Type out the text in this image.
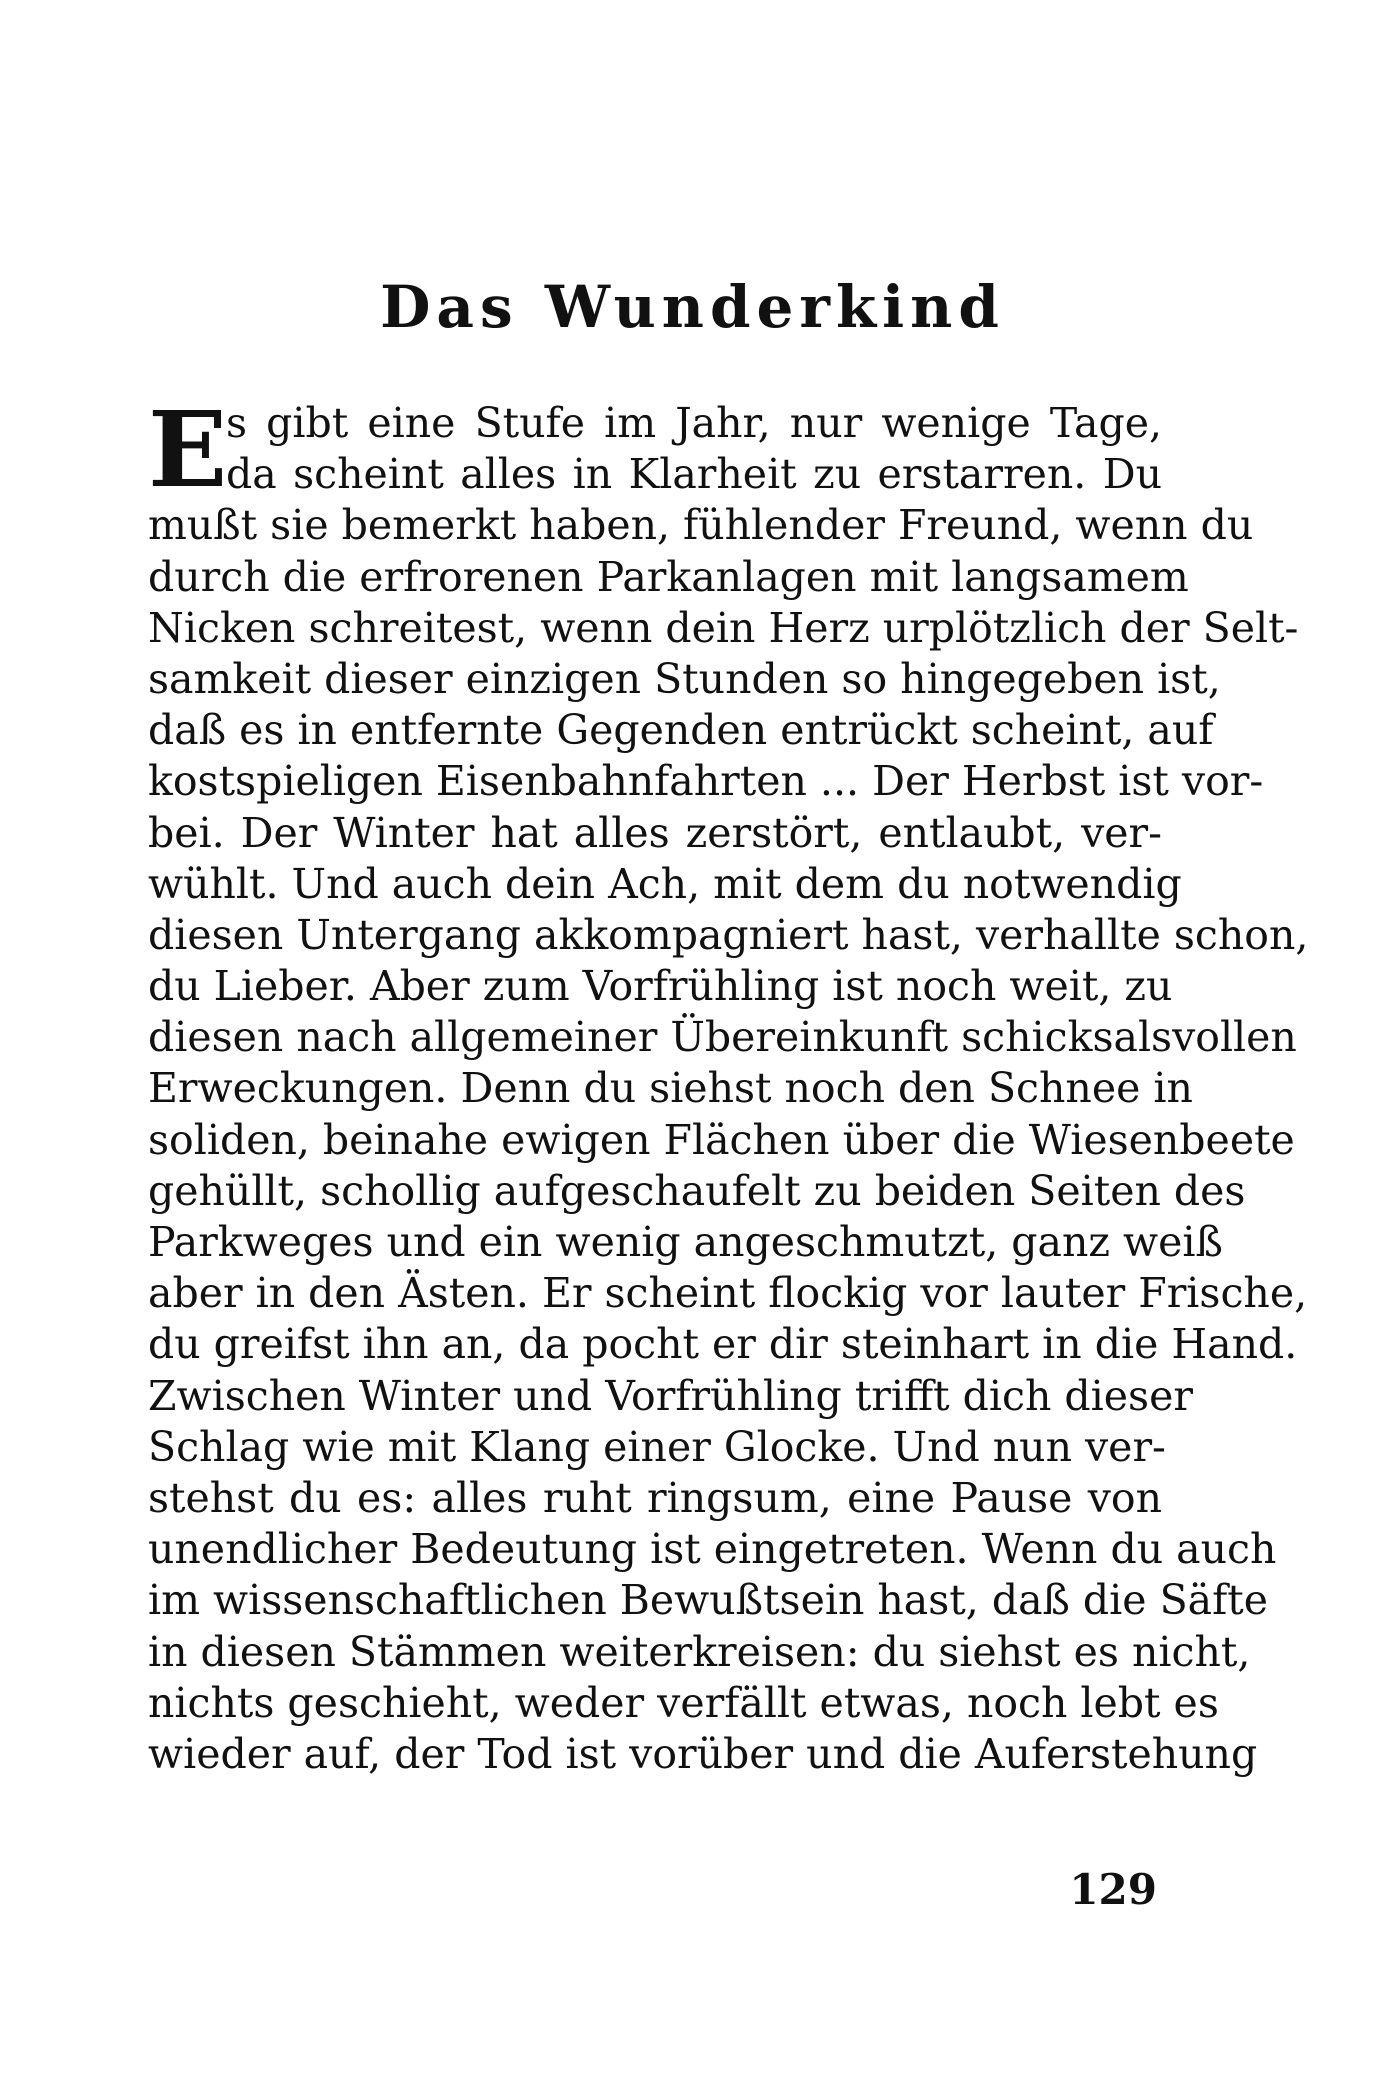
Das Wunderkind
E
s gibt eine Stufe im Jahr, nur wenige Tage,
da scheint alles in Klarheit zu erstarren. Du
mußt sie bemerkt haben, fühlender Freund, wenn du
durch die erfrorenen Parkanlagen mit langsamem
Nicken schreitest, wenn dein Herz urplötzlich der Selt-
samkeit dieser einzigen Stunden so hingegeben ist,
daß es in entfernte Gegenden entrückt scheint, auf
kostspieligen Eisenbahnfahrten ... Der Herbst ist vor-
bei. Der Winter hat alles zerstört, entlaubt, ver-
wühlt. Und auch dein Ach, mit dem du notwendig
diesen Untergang akkompagniert hast, verhallte schon,
du Lieber. Aber zum Vorfrühling ist noch weit, zu
diesen nach allgemeiner Übereinkunft schicksalsvollen
Erweckungen. Denn du siehst noch den Schnee in
soliden, beinahe ewigen Flächen über die Wiesenbeete
gehüllt, schollig aufgeschaufelt zu beiden Seiten des
Parkweges und ein wenig angeschmutzt, ganz weiß
aber in den Ästen. Er scheint flockig vor lauter Frische,
du greifst ihn an, da pocht er dir steinhart in die Hand.
Zwischen Winter und Vorfrühling trifft dich dieser
Schlag wie mit Klang einer Glocke. Und nun ver-
stehst du es: alles ruht ringsum, eine Pause von
unendlicher Bedeutung ist eingetreten. Wenn du auch
im wissenschaftlichen Bewußtsein hast, daß die Säfte
in diesen Stämmen weiterkreisen: du siehst es nicht,
nichts geschieht, weder verfällt etwas, noch lebt es
wieder auf, der Tod ist vorüber und die Auferstehung
129
